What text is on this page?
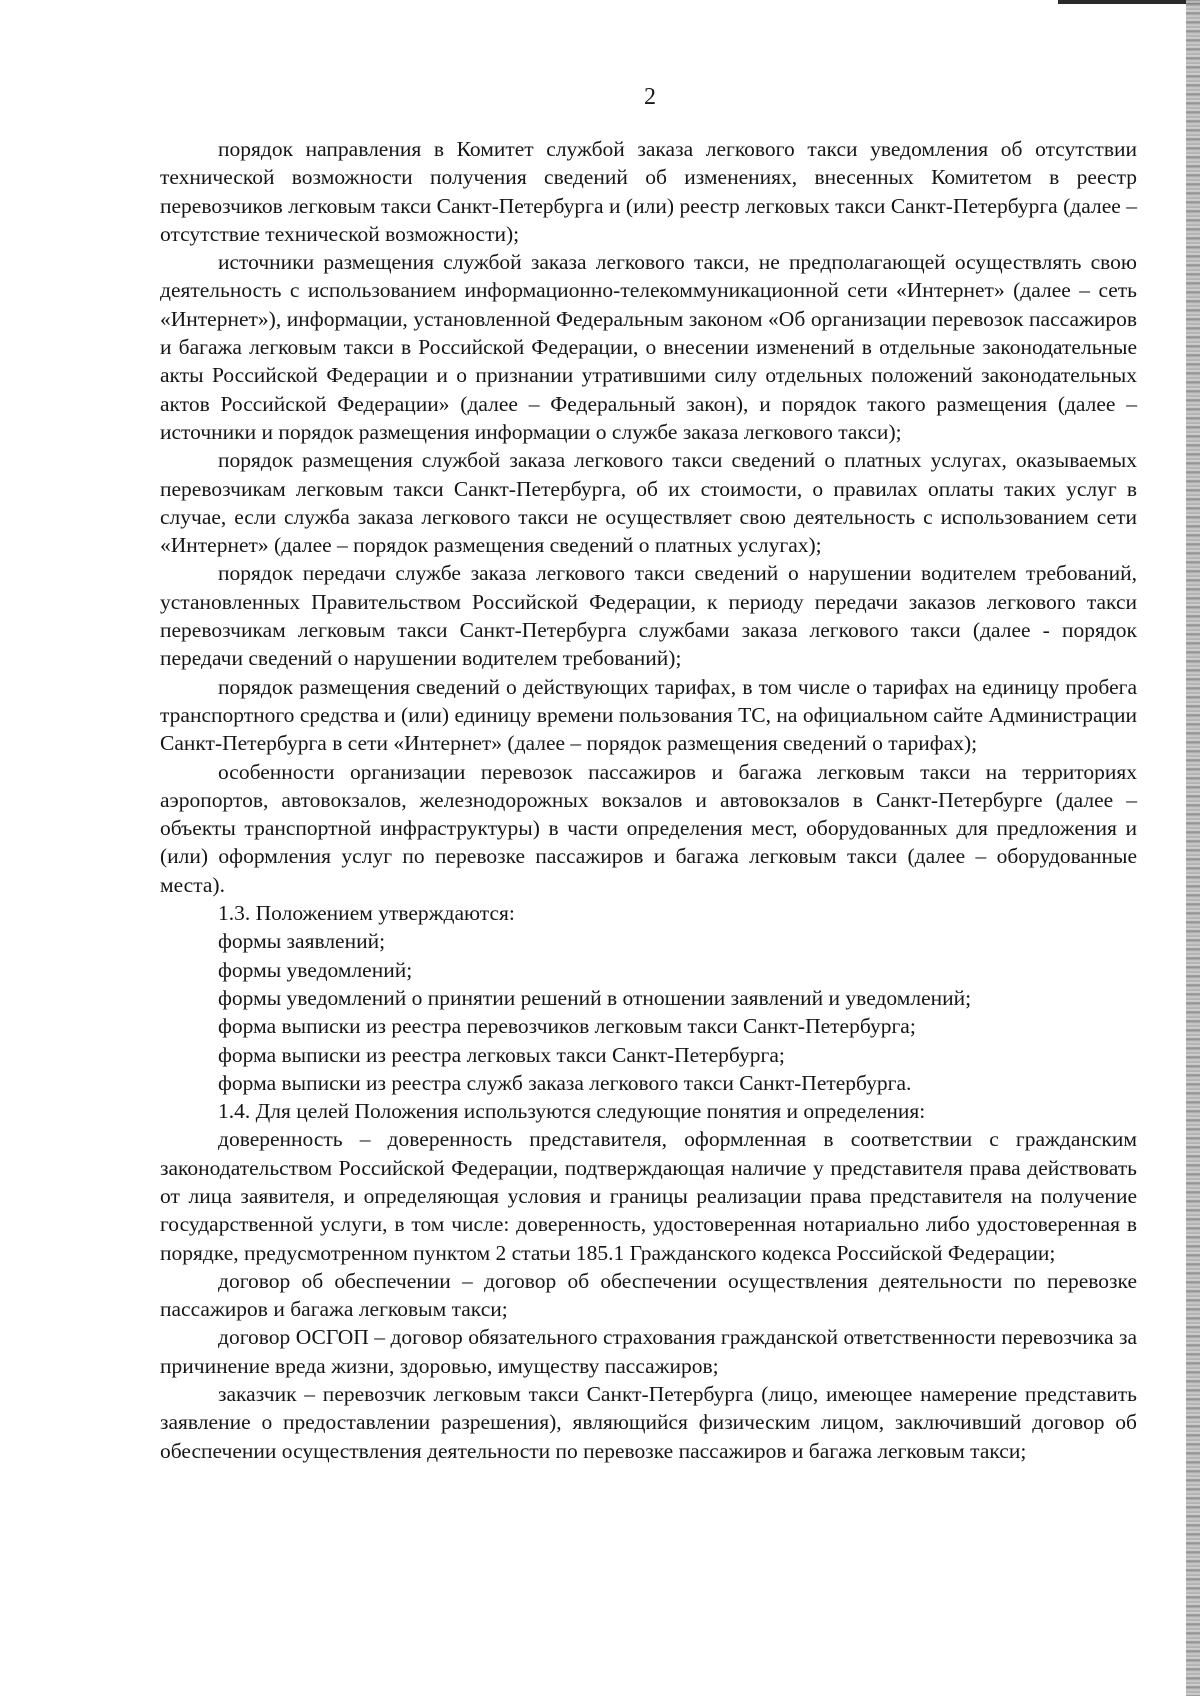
2

порядок направления в Комитет службой заказа легкового такси уведомления об отсутствии технической возможности получения сведений об изменениях, внесенных Комитетом в реестр перевозчиков легковым такси Санкт-Петербурга и (или) реестр легковых такси Санкт-Петербурга (далее – отсутствие технической возможности);

источники размещения службой заказа легкового такси, не предполагающей осуществлять свою деятельность с использованием информационно-телекоммуникационной сети «Интернет» (далее – сеть «Интернет»), информации, установленной Федеральным законом «Об организации перевозок пассажиров и багажа легковым такси в Российской Федерации, о внесении изменений в отдельные законодательные акты Российской Федерации и о признании утратившими силу отдельных положений законодательных актов Российской Федерации» (далее – Федеральный закон), и порядок такого размещения (далее – источники и порядок размещения информации о службе заказа легкового такси);

порядок размещения службой заказа легкового такси сведений о платных услугах, оказываемых перевозчикам легковым такси Санкт-Петербурга, об их стоимости, о правилах оплаты таких услуг в случае, если служба заказа легкового такси не осуществляет свою деятельность с использованием сети «Интернет» (далее – порядок размещения сведений о платных услугах);

порядок передачи службе заказа легкового такси сведений о нарушении водителем требований, установленных Правительством Российской Федерации, к периоду передачи заказов легкового такси перевозчикам легковым такси Санкт-Петербурга службами заказа легкового такси (далее - порядок передачи сведений о нарушении водителем требований);

порядок размещения сведений о действующих тарифах, в том числе о тарифах на единицу пробега транспортного средства и (или) единицу времени пользования ТС, на официальном сайте Администрации Санкт-Петербурга в сети «Интернет» (далее – порядок размещения сведений о тарифах);

особенности организации перевозок пассажиров и багажа легковым такси на территориях аэропортов, автовокзалов, железнодорожных вокзалов и автовокзалов в Санкт-Петербурге (далее – объекты транспортной инфраструктуры) в части определения мест, оборудованных для предложения и (или) оформления услуг по перевозке пассажиров и багажа легковым такси (далее – оборудованные места).

1.3. Положением утверждаются:

формы заявлений;

формы уведомлений;

формы уведомлений о принятии решений в отношении заявлений и уведомлений;

форма выписки из реестра перевозчиков легковым такси Санкт-Петербурга;

форма выписки из реестра легковых такси Санкт-Петербурга;

форма выписки из реестра служб заказа легкового такси Санкт-Петербурга.

1.4. Для целей Положения используются следующие понятия и определения:

доверенность – доверенность представителя, оформленная в соответствии с гражданским законодательством Российской Федерации, подтверждающая наличие у представителя права действовать от лица заявителя, и определяющая условия и границы реализации права представителя на получение государственной услуги, в том числе: доверенность, удостоверенная нотариально либо удостоверенная в порядке, предусмотренном пунктом 2 статьи 185.1 Гражданского кодекса Российской Федерации;

договор об обеспечении – договор об обеспечении осуществления деятельности по перевозке пассажиров и багажа легковым такси;

договор ОСГОП – договор обязательного страхования гражданской ответственности перевозчика за причинение вреда жизни, здоровью, имуществу пассажиров;

заказчик – перевозчик легковым такси Санкт-Петербурга (лицо, имеющее намерение представить заявление о предоставлении разрешения), являющийся физическим лицом, заключивший договор об обеспечении осуществления деятельности по перевозке пассажиров и багажа легковым такси;
